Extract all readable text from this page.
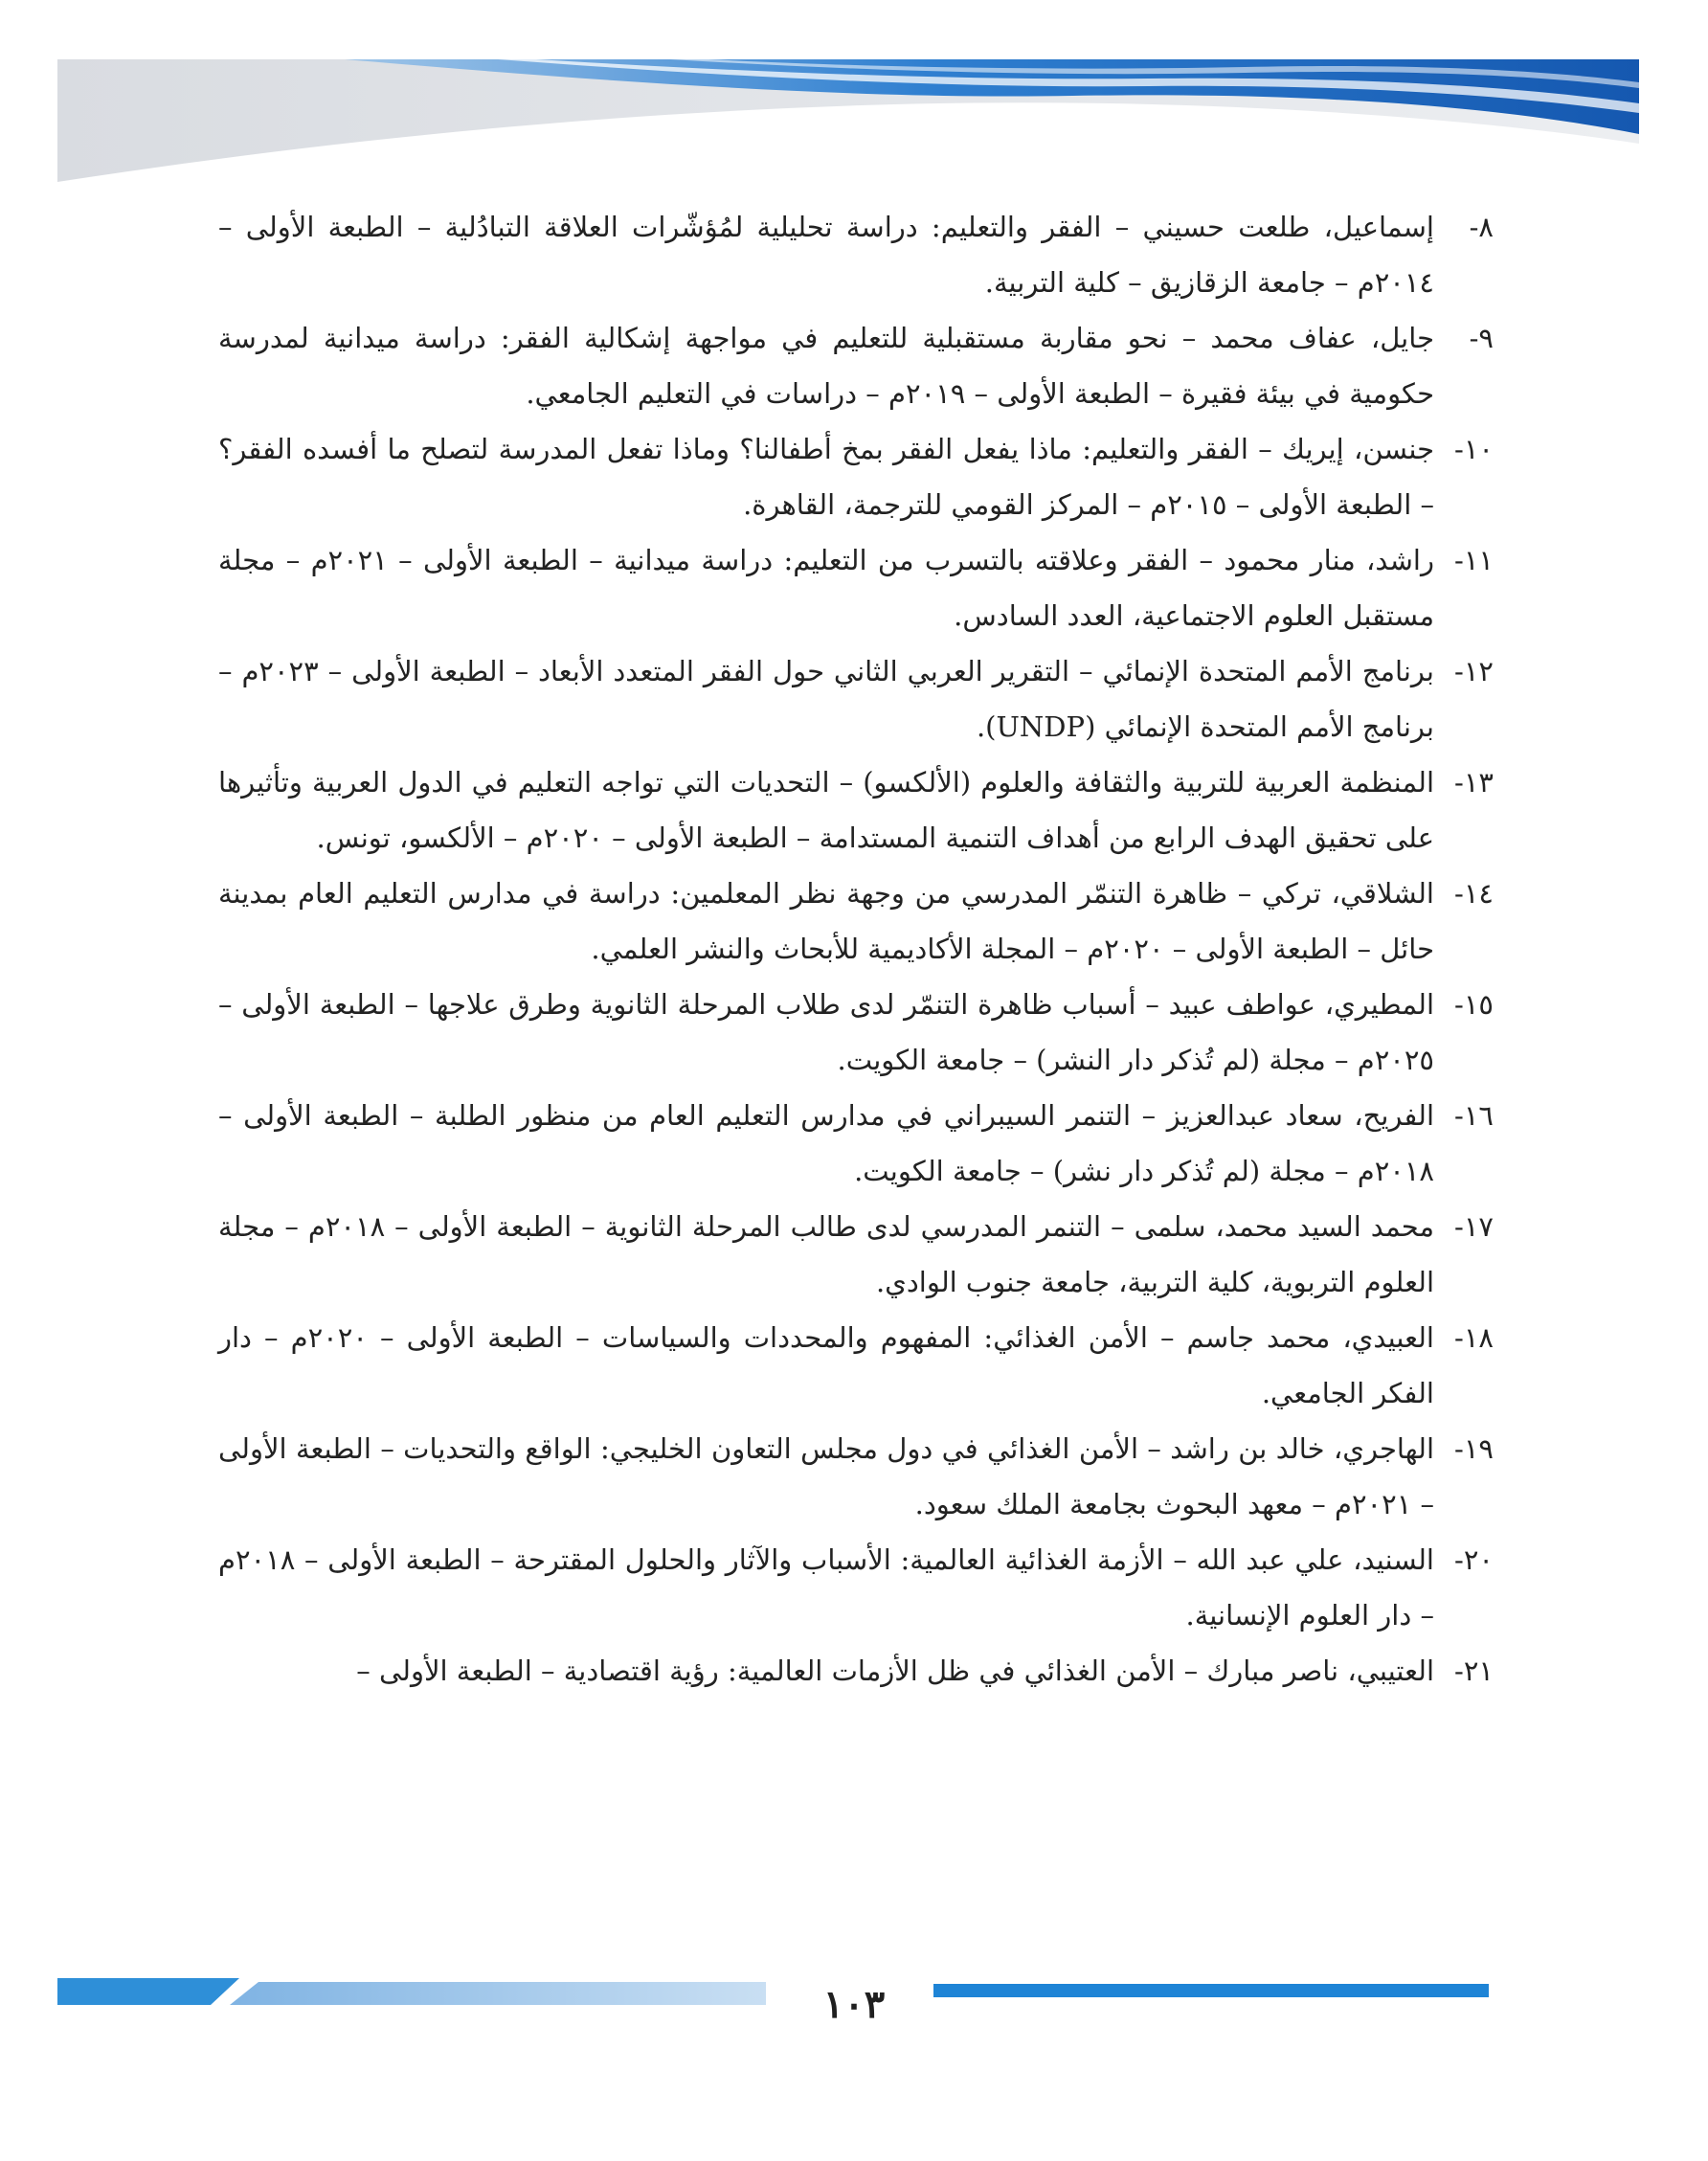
٨-
إسماعيل، طلعت حسيني – الفقر والتعليم: دراسة تحليلية لمُؤشّرات العلاقة التبادُلية – الطبعة الأولى – ٢٠١٤م – جامعة الزقازيق – كلية التربية.
٩-
جايل، عفاف محمد – نحو مقاربة مستقبلية للتعليم في مواجهة إشكالية الفقر: دراسة ميدانية لمدرسة حكومية في بيئة فقيرة – الطبعة الأولى – ٢٠١٩م – دراسات في التعليم الجامعي.
١٠-
جنسن، إيريك – الفقر والتعليم: ماذا يفعل الفقر بمخ أطفالنا؟ وماذا تفعل المدرسة لتصلح ما أفسده الفقر؟ – الطبعة الأولى – ٢٠١٥م – المركز القومي للترجمة، القاهرة.
١١-
راشد، منار محمود – الفقر وعلاقته بالتسرب من التعليم: دراسة ميدانية – الطبعة الأولى – ٢٠٢١م – مجلة مستقبل العلوم الاجتماعية، العدد السادس.
١٢-
برنامج الأمم المتحدة الإنمائي – التقرير العربي الثاني حول الفقر المتعدد الأبعاد – الطبعة الأولى – ٢٠٢٣م – برنامج الأمم المتحدة الإنمائي (UNDP).
١٣-
المنظمة العربية للتربية والثقافة والعلوم (الألكسو) – التحديات التي تواجه التعليم في الدول العربية وتأثيرها على تحقيق الهدف الرابع من أهداف التنمية المستدامة – الطبعة الأولى – ٢٠٢٠م – الألكسو، تونس.
١٤-
الشلاقي، تركي – ظاهرة التنمّر المدرسي من وجهة نظر المعلمين: دراسة في مدارس التعليم العام بمدينة حائل – الطبعة الأولى – ٢٠٢٠م – المجلة الأكاديمية للأبحاث والنشر العلمي.
١٥-
المطيري، عواطف عبيد – أسباب ظاهرة التنمّر لدى طلاب المرحلة الثانوية وطرق علاجها – الطبعة الأولى – ٢٠٢٥م – مجلة (لم تُذكر دار النشر) – جامعة الكويت.
١٦-
الفريح، سعاد عبدالعزيز – التنمر السيبراني في مدارس التعليم العام من منظور الطلبة – الطبعة الأولى – ٢٠١٨م – مجلة (لم تُذكر دار نشر) – جامعة الكويت.
١٧-
محمد السيد محمد، سلمى – التنمر المدرسي لدى طالب المرحلة الثانوية – الطبعة الأولى – ٢٠١٨م – مجلة العلوم التربوية، كلية التربية، جامعة جنوب الوادي.
١٨-
العبيدي، محمد جاسم – الأمن الغذائي: المفهوم والمحددات والسياسات – الطبعة الأولى – ٢٠٢٠م – دار الفكر الجامعي.
١٩-
الهاجري، خالد بن راشد – الأمن الغذائي في دول مجلس التعاون الخليجي: الواقع والتحديات – الطبعة الأولى – ٢٠٢١م – معهد البحوث بجامعة الملك سعود.
٢٠-
السنيد، علي عبد الله – الأزمة الغذائية العالمية: الأسباب والآثار والحلول المقترحة – الطبعة الأولى – ٢٠١٨م – دار العلوم الإنسانية.
٢١-
العتيبي، ناصر مبارك – الأمن الغذائي في ظل الأزمات العالمية: رؤية اقتصادية – الطبعة الأولى –
١٠٣
